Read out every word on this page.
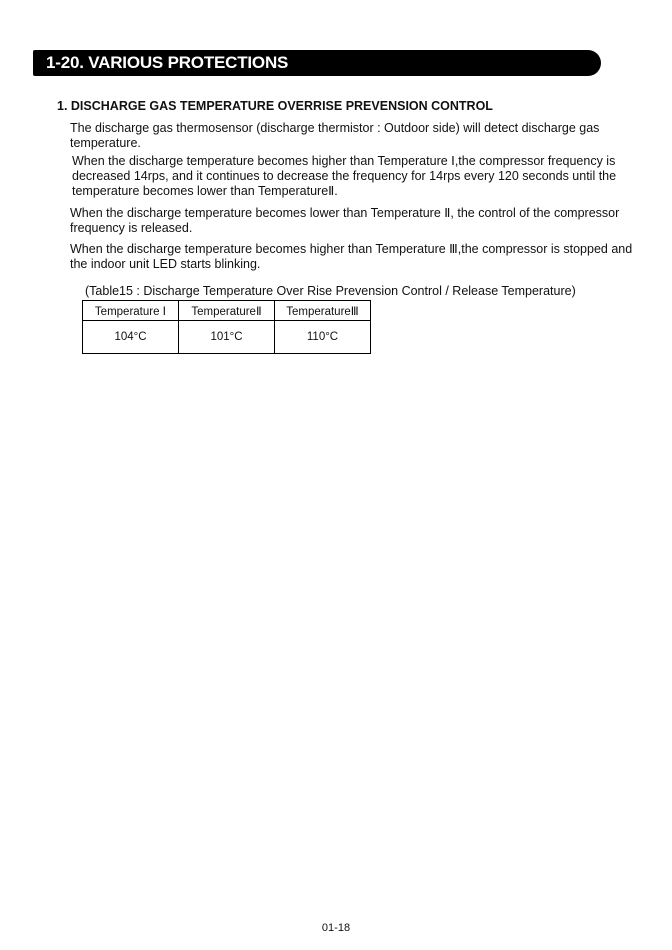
1-20. VARIOUS PROTECTIONS
1. DISCHARGE GAS TEMPERATURE OVERRISE PREVENSION CONTROL

The discharge gas thermosensor (discharge thermistor : Outdoor side) will detect discharge gas temperature.

When the discharge temperature becomes higher than Temperature Ⅰ,the compressor frequency is decreased 14rps, and it continues to decrease the frequency for 14rps every 120 seconds until the temperature becomes lower than TemperatureⅡ.

When the discharge temperature becomes lower than Temperature Ⅱ, the control of the compressor frequency is released.

When the discharge temperature becomes higher than Temperature Ⅲ,the compressor is stopped and the indoor unit LED starts blinking.

(Table15 : Discharge Temperature Over Rise Prevension Control / Release Temperature)
Temperature Ⅰ	TemperatureⅡ	TemperatureⅢ
104°C	101°C	110°C
01-18
